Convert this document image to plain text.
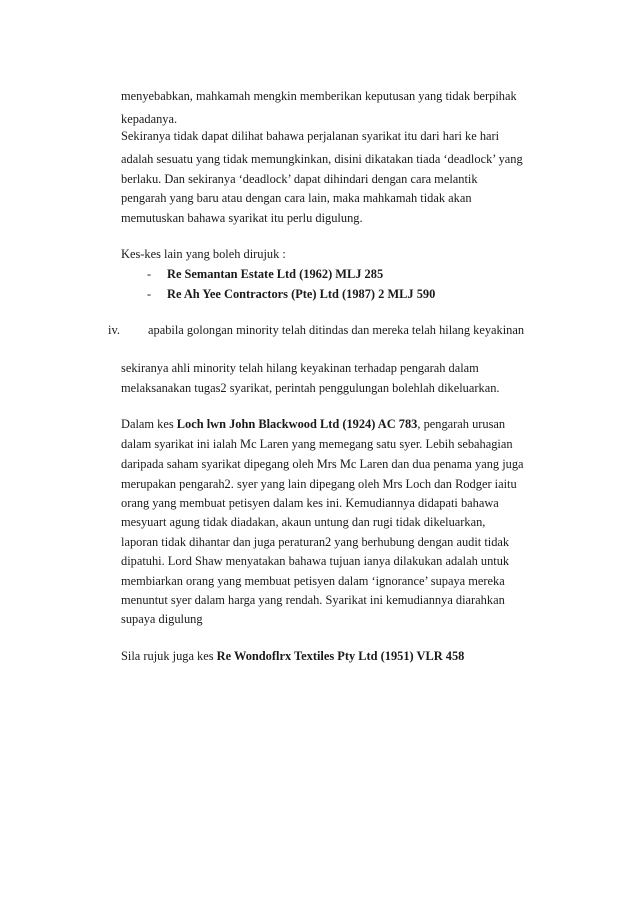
menyebabkan, mahkamah mengkin memberikan keputusan yang tidak berpihak
kepadanya.
Sekiranya tidak dapat dilihat bahawa perjalanan syarikat itu dari hari ke hari
adalah sesuatu yang tidak memungkinkan, disini dikatakan tiada ‘deadlock’ yang
berlaku. Dan sekiranya ‘deadlock’ dapat dihindari dengan cara melantik
pengarah yang baru atau dengan cara lain, maka mahkamah tidak akan
memutuskan bahawa syarikat itu perlu digulung.
Kes-kes lain yang boleh dirujuk :
- Re Semantan Estate Ltd (1962) MLJ 285
- Re Ah Yee Contractors (Pte) Ltd (1987) 2 MLJ 590
iv. apabila golongan minority telah ditindas dan mereka telah hilang keyakinan
sekiranya ahli minority telah hilang keyakinan terhadap pengarah dalam
melaksanakan tugas2 syarikat, perintah penggulungan bolehlah dikeluarkan.
Dalam kes Loch lwn John Blackwood Ltd (1924) AC 783, pengarah urusan
dalam syarikat ini ialah Mc Laren yang memegang satu syer. Lebih sebahagian
daripada saham syarikat dipegang oleh Mrs Mc Laren dan dua penama yang juga
merupakan pengarah2. syer yang lain dipegang oleh Mrs Loch dan Rodger iaitu
orang yang membuat petisyen dalam kes ini. Kemudiannya didapati bahawa
mesyuart agung tidak diadakan, akaun untung dan rugi tidak dikeluarkan,
laporan tidak dihantar dan juga peraturan2 yang berhubung dengan audit tidak
dipatuhi. Lord Shaw menyatakan bahawa tujuan ianya dilakukan adalah untuk
membiarkan orang yang membuat petisyen dalam ‘ignorance’ supaya mereka
menuntut syer dalam harga yang rendah. Syarikat ini kemudiannya diarahkan
supaya digulung
Sila rujuk juga kes Re Wondoflrx Textiles Pty Ltd (1951) VLR 458
